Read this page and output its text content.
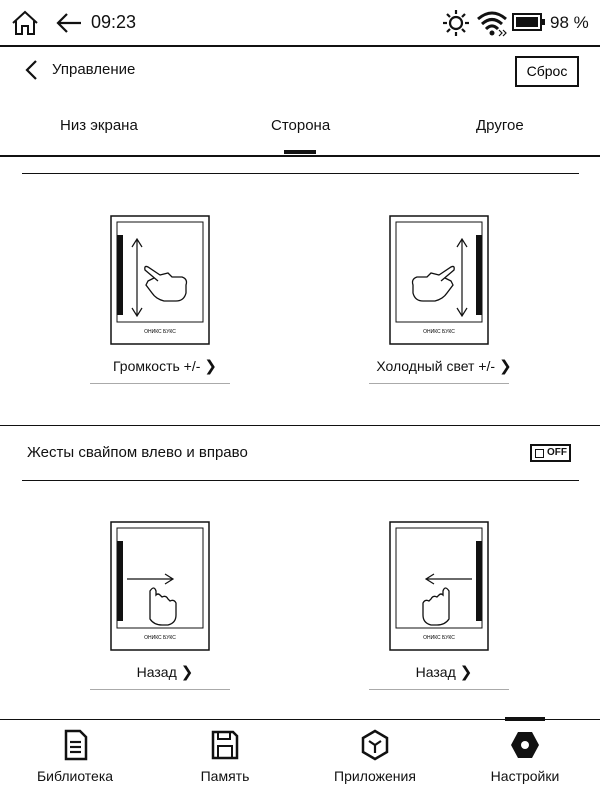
09:23	98 %
Управление	Сброс
Низ экрана	Сторона	Другое
ОНИКС БУКС
Громкость +/- ❯
ОНИКС БУКС
Холодный свет +/- ❯
Жесты свайпом влево и вправо	OFF
ОНИКС БУКС
Назад ❯
ОНИКС БУКС
Назад ❯
Библиотека	Память	Приложения	Настройки
